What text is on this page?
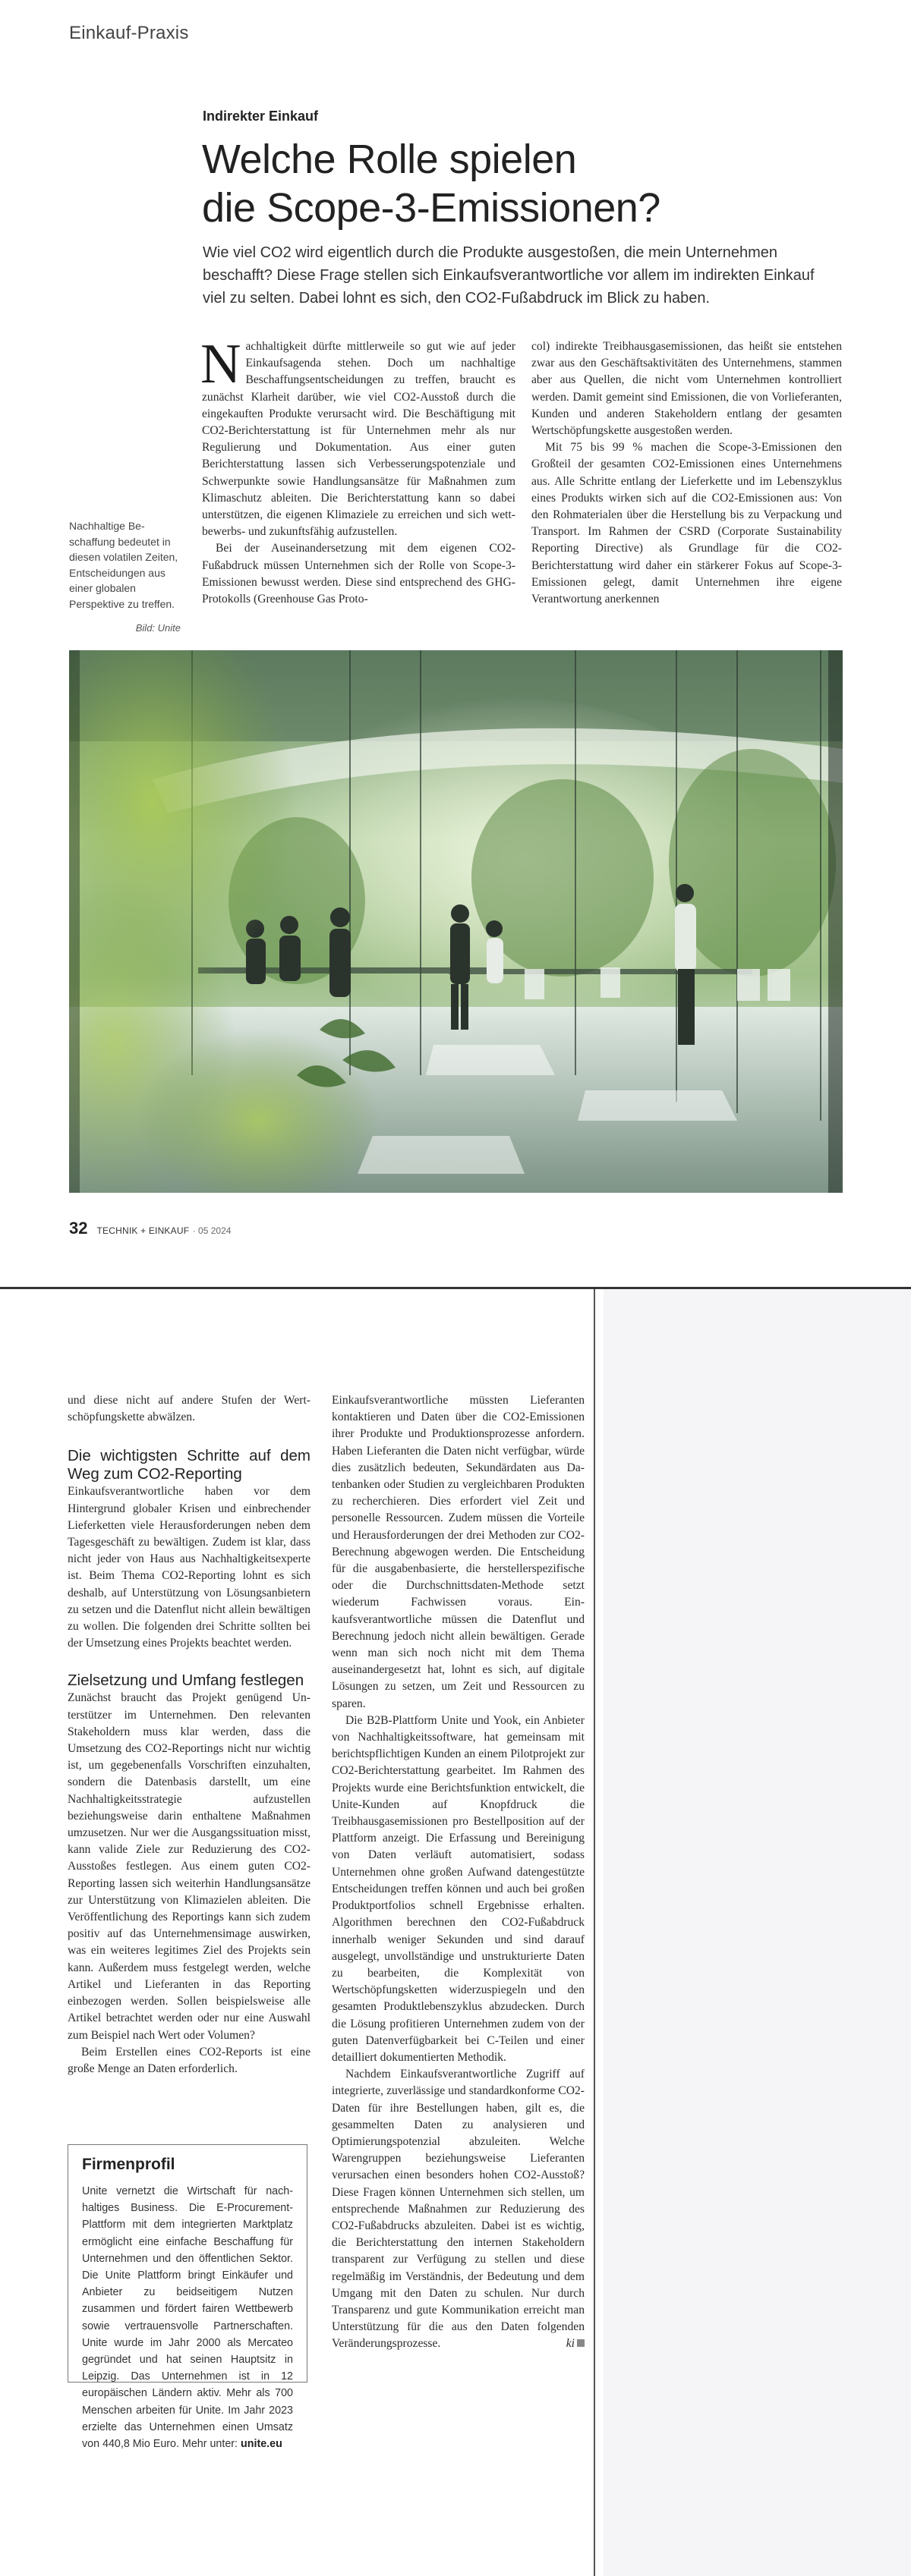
Einkauf-Praxis
Indirekter Einkauf
Welche Rolle spielen
die Scope-3-Emissionen?

Wie viel CO2 wird eigentlich durch die Produkte ausgestoßen, die mein Unternehmen beschafft? Diese Frage stellen sich Einkaufsverantwortliche vor allem im indirekten Einkauf viel zu selten. Dabei lohnt es sich, den CO2-Fußabdruck im Blick zu haben.

Nachhaltigkeit dürfte mittlerweile so gut wie auf jeder Einkaufsagenda stehen. Doch um nachhaltige Beschaffungsentscheidungen zu treffen, braucht es zunächst Klarheit darüber, wie viel CO2-Ausstoß durch die eingekauften Produkte verursacht wird. Die Beschäftigung mit CO2-Berichterstattung ist für Unternehmen mehr als nur Regulierung und Dokumentation. Aus einer guten Berichterstattung lassen sich Verbesserungspotenziale und Schwerpunkte sowie Handlungsansätze für Maßnahmen zum Klimaschutz ableiten. Die Berichterstattung kann so dabei unterstützen, die eigenen Klimaziele zu erreichen und sich wettbewerbs- und zukunftsfähig aufzustellen.

Bei der Auseinandersetzung mit dem eigenen CO2-Fußabdruck müssen Unternehmen sich der Rolle von Scope-3-Emissionen bewusst werden. Diese sind entsprechend des GHG-Protokolls (Greenhouse Gas Proto-

col) indirekte Treibhausgasemissionen, das heißt sie entstehen zwar aus den Geschäftsaktivitäten des Unternehmens, stammen aber aus Quellen, die nicht vom Unternehmen kontrolliert werden. Damit gemeint sind Emissionen, die von Vorlieferanten, Kunden und anderen Stakeholdern entlang der gesamten Wertschöpfungskette ausgestoßen werden.

Mit 75 bis 99 % machen die Scope-3-Emissionen den Großteil der gesamten CO2-Emissionen eines Unternehmens aus. Alle Schritte entlang der Lieferkette und im Lebenszyklus eines Produkts wirken sich auf die CO2-Emissionen aus: Von den Rohmaterialen über die Herstellung bis zu Verpackung und Transport. Im Rahmen der CSRD (Corporate Sustainability Reporting Directive) als Grundlage für die CO2-Berichterstattung wird daher ein stärkerer Fokus auf Scope-3-Emissionen gelegt, damit Unternehmen ihre eigene Verantwortung anerkennen

Nachhaltige Beschaffung bedeutet in diesen volatilen Zeiten, Entscheidungen aus einer globalen Perspektive zu treffen.
Bild: Unite
32 TECHNIK + EINKAUF · 05 2024

und diese nicht auf andere Stufen der Wertschöpfungskette abwälzen.

Die wichtigsten Schritte auf dem Weg zum CO2-Reporting

Einkaufsverantwortliche haben vor dem Hintergrund globaler Krisen und einbrechender Lieferketten viele Herausforderungen neben dem Tagesgeschäft zu bewältigen. Zudem ist klar, dass nicht jeder von Haus aus Nachhaltigkeitsexperte ist. Beim Thema CO2-Reporting lohnt es sich deshalb, auf Unterstützung von Lösungsanbietern zu setzen und die Datenflut nicht allein bewältigen zu wollen. Die folgenden drei Schritte sollten bei der Umsetzung eines Projekts beachtet werden.

Zielsetzung und Umfang festlegen

Zunächst braucht das Projekt genügend Unterstützer im Unternehmen. Den relevanten Stakeholdern muss klar werden, dass die Umsetzung des CO2-Reportings nicht nur wichtig ist, um gegebenenfalls Vorschriften einzuhalten, sondern die Datenbasis darstellt, um eine Nachhaltigkeitsstrategie aufzustellen beziehungsweise darin enthaltene Maßnahmen umzusetzen. Nur wer die Ausgangssituation misst, kann valide Ziele zur Reduzierung des CO2-Ausstoßes festlegen. Aus einem guten CO2-Reporting lassen sich weiterhin Handlungsansätze zur Unterstützung von Klimazielen ableiten. Die Veröffentlichung des Reportings kann sich zudem positiv auf das Unternehmensimage auswirken, was ein weiteres legitimes Ziel des Projekts sein kann. Außerdem muss festgelegt werden, welche Artikel und Lieferanten in das Reporting einbezogen werden. Sollen beispielsweise alle Artikel betrachtet werden oder nur eine Auswahl zum Beispiel nach Wert oder Volumen?

Beim Erstellen eines CO2-Reports ist eine große Menge an Daten erforderlich.

Firmenprofil

Unite vernetzt die Wirtschaft für nachhaltiges Business. Die E-Procurement-Plattform mit dem integrierten Marktplatz ermöglicht eine einfache Beschaffung für Unternehmen und den öffentlichen Sektor. Die Unite Plattform bringt Einkäufer und Anbieter zu beidseitigem Nutzen zusammen und fördert fairen Wettbewerb sowie vertrauensvolle Partnerschaften. Unite wurde im Jahr 2000 als Mercateo gegründet und hat seinen Hauptsitz in Leipzig. Das Unternehmen ist in 12 europäischen Ländern aktiv. Mehr als 700 Menschen arbeiten für Unite. Im Jahr 2023 erzielte das Unternehmen einen Umsatz von 440,8 Mio Euro. Mehr unter: unite.eu

Einkaufsverantwortliche müssten Lieferanten kontaktieren und Daten über die CO2-Emissionen ihrer Produkte und Produktionsprozesse anfordern. Haben Lieferanten die Daten nicht verfügbar, würde dies zusätzlich bedeuten, Sekundärdaten aus Datenbanken oder Studien zu vergleichbaren Produkten zu recherchieren. Dies erfordert viel Zeit und personelle Ressourcen. Zudem müssen die Vorteile und Herausforderungen der drei Methoden zur CO2-Berechnung abgewogen werden. Die Entscheidung für die ausgabenbasierte, die herstellerspezifische oder die Durchschnittsdaten-Methode setzt wiederum Fachwissen voraus. Einkaufsverantwortliche müssen die Datenflut und Berechnung jedoch nicht allein bewältigen. Gerade wenn man sich noch nicht mit dem Thema auseinandergesetzt hat, lohnt es sich, auf digitale Lösungen zu setzen, um Zeit und Ressourcen zu sparen.

Die B2B-Plattform Unite und Yook, ein Anbieter von Nachhaltigkeitssoftware, hat gemeinsam mit berichtspflichtigen Kunden an einem Pilotprojekt zur CO2-Berichterstattung gearbeitet. Im Rahmen des Projekts wurde eine Berichtsfunktion entwickelt, die Unite-Kunden auf Knopfdruck die Treibhausgasemissionen pro Bestellposition auf der Plattform anzeigt. Die Erfassung und Bereinigung von Daten verläuft automatisiert, sodass Unternehmen ohne großen Aufwand datengestützte Entscheidungen treffen können und auch bei großen Produktportfolios schnell Ergebnisse erhalten. Algorithmen berechnen den CO2-Fußabdruck innerhalb weniger Sekunden und sind darauf ausgelegt, unvollständige und unstrukturierte Daten zu bearbeiten, die Komplexität von Wertschöpfungsketten widerzuspiegeln und den gesamten Produktlebenszyklus abzudecken. Durch die Lösung profitieren Unternehmen zudem von der guten Datenverfügbarkeit bei C-Teilen und einer detailliert dokumentierten Methodik.

Nachdem Einkaufsverantwortliche Zugriff auf integrierte, zuverlässige und standardkonforme CO2-Daten für ihre Bestellungen haben, gilt es, die gesammelten Daten zu analysieren und Optimierungspotenzial abzuleiten. Welche Warengruppen beziehungsweise Lieferanten verursachen einen besonders hohen CO2-Ausstoß? Diese Fragen können Unternehmen sich stellen, um entsprechende Maßnahmen zur Reduzierung des CO2-Fußabdrucks abzuleiten. Dabei ist es wichtig, die Berichterstattung den internen Stakeholdern transparent zur Verfügung zu stellen und diese regelmäßig im Verständnis, der Bedeutung und dem Umgang mit den Daten zu schulen. Nur durch Transparenz und gute Kommunikation erreicht man Unterstützung für die aus den Daten folgenden Veränderungsprozesse.	ki
